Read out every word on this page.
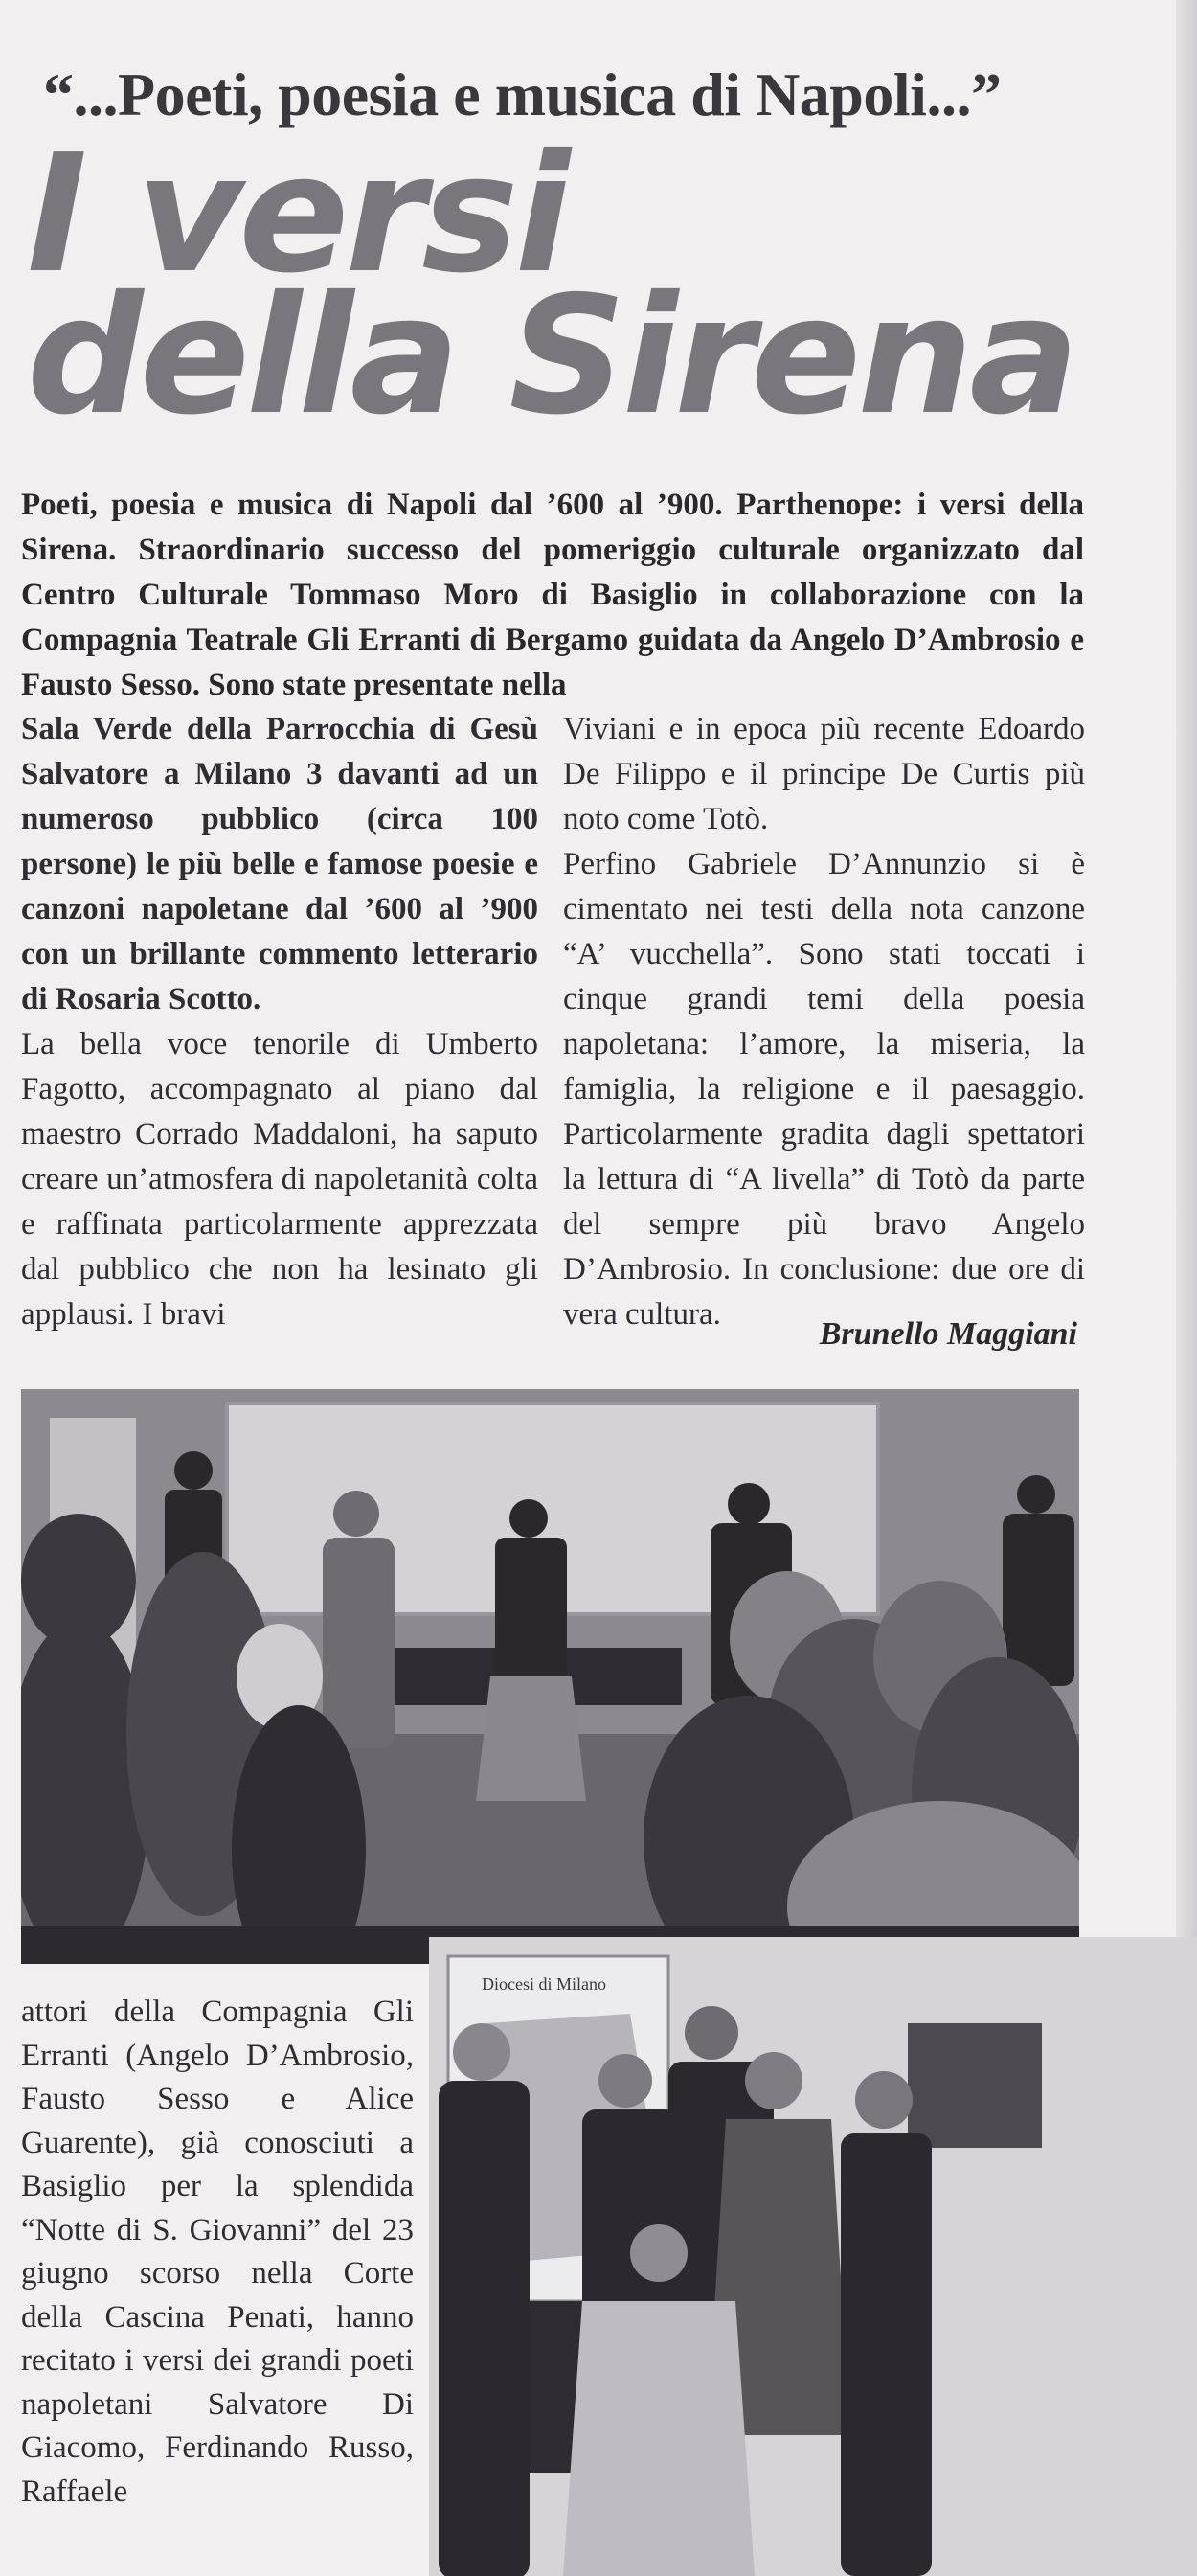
“...Poeti, poesia e musica di Napoli...”
I versi
della Sirena
Poeti, poesia e musica di Napoli dal ’600 al ’900. Parthenope: i versi della Sirena. Straordinario successo del pomeriggio culturale organizzato dal Centro Culturale Tommaso Moro di Basiglio in collaborazione con la Compagnia Teatrale Gli Erranti di Bergamo guidata da Angelo D’Ambrosio e Fausto Sesso. Sono state presentate nella

Sala Verde della Parrocchia di Gesù Salvatore a Milano 3 davanti ad un numeroso pubblico (circa 100 persone) le più belle e famose poesie e canzoni napoletane dal ’600 al ’900 con un brillante commento letterario di Rosaria Scotto.

La bella voce tenorile di Umberto Fagotto, accompagnato al piano dal maestro Corrado Maddaloni, ha saputo creare un’atmosfera di napoletanità colta e raffinata particolarmente apprezzata dal pubblico che non ha lesinato gli applausi. I bravi

Viviani e in epoca più recente Edoardo De Filippo e il principe De Curtis più noto come Totò.

Perfino Gabriele D’Annunzio si è cimentato nei testi della nota canzone “A’ vucchella”. Sono stati toccati i cinque grandi temi della poesia napoletana: l’amore, la miseria, la famiglia, la religione e il paesaggio. Particolarmente gradita dagli spettatori la lettura di “A livella” di Totò da parte del sempre più bravo Angelo D’Ambrosio. In conclusione: due ore di vera cultura.

Brunello Maggiani
Diocesi di Milano

attori della Compagnia Gli Erranti (Angelo D’Ambrosio, Fausto Sesso e Alice Guarente), già conosciuti a Basiglio per la splendida “Notte di S. Giovanni” del 23 giugno scorso nella Corte della Cascina Penati, hanno recitato i versi dei grandi poeti napoletani Salvatore Di Giacomo, Ferdinando Russo, Raffaele
